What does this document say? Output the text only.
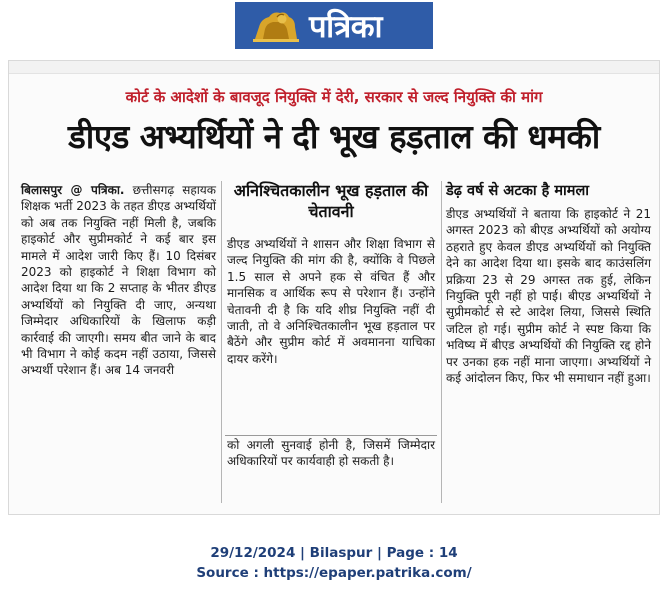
पत्रिका
कोर्ट के आदेशों के बावजूद नियुक्ति में देरी, सरकार से जल्द नियुक्ति की मांग
डीएड अभ्यर्थियों ने दी भूख हड़ताल की धमकी

बिलासपुर @ पत्रिका. छत्तीसगढ़ सहायक शिक्षक भर्ती 2023 के तहत डीएड अभ्यर्थियों को अब तक नियुक्ति नहीं मिली है, जबकि हाइकोर्ट और सुप्रीमकोर्ट ने कई बार इस मामले में आदेश जारी किए हैं। 10 दिसंबर 2023 को हाइकोर्ट ने शिक्षा विभाग को आदेश दिया था कि 2 सप्ताह के भीतर डीएड अभ्यर्थियों को नियुक्ति दी जाए, अन्यथा जिम्मेदार अधिकारियों के खिलाफ कड़ी कार्रवाई की जाएगी। समय बीत जाने के बाद भी विभाग ने कोई कदम नहीं उठाया, जिससे अभ्यर्थी परेशान हैं। अब 14 जनवरी

अनिश्चितकालीन भूख हड़ताल की चेतावनी

डीएड अभ्यर्थियों ने शासन और शिक्षा विभाग से जल्द नियुक्ति की मांग की है, क्योंकि वे पिछले 1.5 साल से अपने हक से वंचित हैं और मानसिक व आर्थिक रूप से परेशान हैं। उन्होंने चेतावनी दी है कि यदि शीघ्र नियुक्ति नहीं दी जाती, तो वे अनिश्चितकालीन भूख हड़ताल पर बैठेंगे और सुप्रीम कोर्ट में अवमानना याचिका दायर करेंगे।

को अगली सुनवाई होनी है, जिसमें जिम्मेदार अधिकारियों पर कार्यवाही हो सकती है।

डेढ़ वर्ष से अटका है मामला

डीएड अभ्यर्थियों ने बताया कि हाइकोर्ट ने 21 अगस्त 2023 को बीएड अभ्यर्थियों को अयोग्य ठहराते हुए केवल डीएड अभ्यर्थियों को नियुक्ति देने का आदेश दिया था। इसके बाद काउंसलिंग प्रक्रिया 23 से 29 अगस्त तक हुई, लेकिन नियुक्ति पूरी नहीं हो पाई। बीएड अभ्यर्थियों ने सुप्रीमकोर्ट से स्टे आदेश लिया, जिससे स्थिति जटिल हो गई। सुप्रीम कोर्ट ने स्पष्ट किया कि भविष्य में बीएड अभ्यर्थियों की नियुक्ति रद्द होने पर उनका हक नहीं माना जाएगा। अभ्यर्थियों ने कई आंदोलन किए, फिर भी समाधान नहीं हुआ।

29/12/2024 | Bilaspur | Page : 14
Source : https://epaper.patrika.com/
